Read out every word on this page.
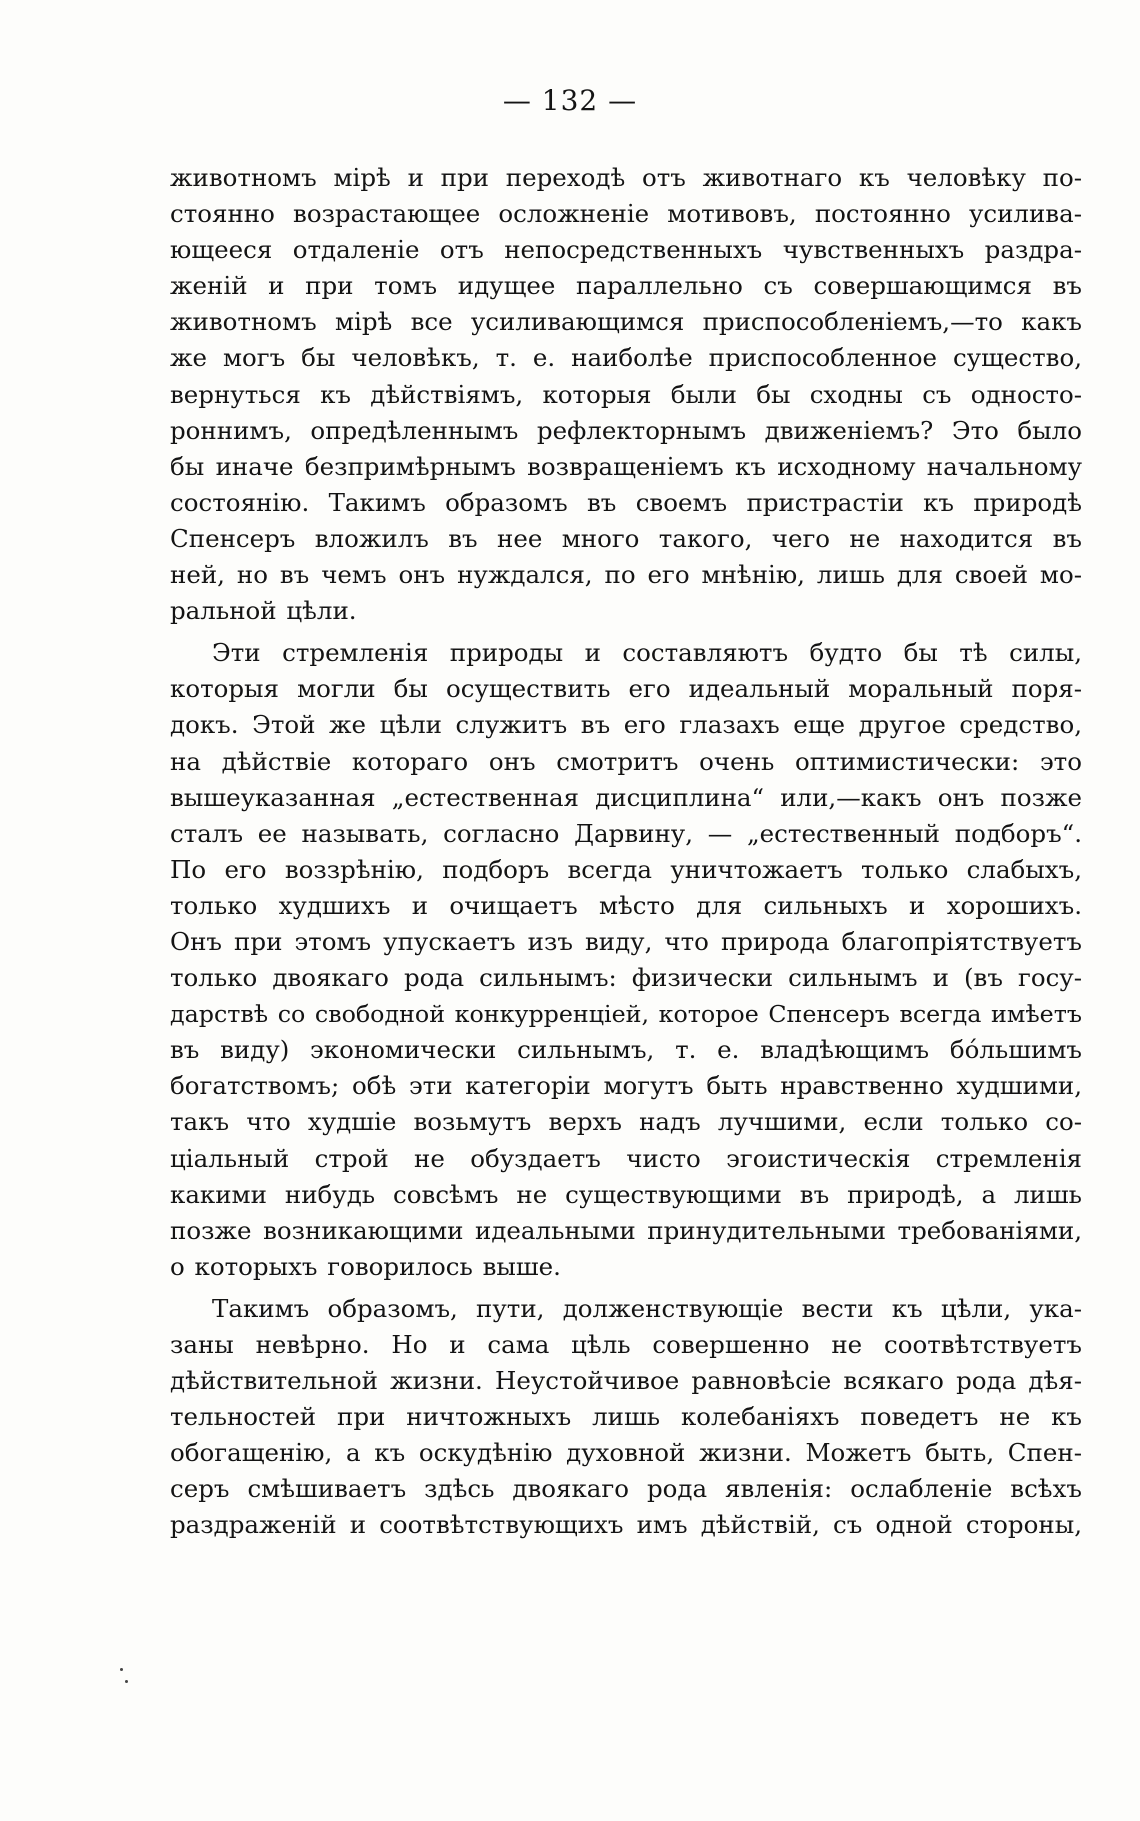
— 132 —
животномъ мірѣ и при переходѣ отъ животнаго къ человѣку по-
стоянно возрастающее осложненіе мотивовъ, постоянно усилива-
ющееся отдаленіе отъ непосредственныхъ чувственныхъ раздра-
женій и при томъ идущее параллельно съ совершающимся въ
животномъ мірѣ все усиливающимся приспособленіемъ,—то какъ
же могъ бы человѣкъ, т. е. наиболѣе приспособленное существо,
вернуться къ дѣйствіямъ, которыя были бы сходны съ односто-
роннимъ, опредѣленнымъ рефлекторнымъ движеніемъ? Это было
бы иначе безпримѣрнымъ возвращеніемъ къ исходному начальному
состоянію. Такимъ образомъ въ своемъ пристрастіи къ природѣ
Спенсеръ вложилъ въ нее много такого, чего не находится въ
ней, но въ чемъ онъ нуждался, по его мнѣнію, лишь для своей мо-
ральной цѣли.
Эти стремленія природы и составляютъ будто бы тѣ силы,
которыя могли бы осуществить его идеальный моральный поря-
докъ. Этой же цѣли служитъ въ его глазахъ еще другое средство,
на дѣйствіе котораго онъ смотритъ очень оптимистически: это
вышеуказанная „естественная дисциплина“ или,—какъ онъ позже
сталъ ее называть, согласно Дарвину, — „естественный подборъ“.
По его воззрѣнію, подборъ всегда уничтожаетъ только слабыхъ,
только худшихъ и очищаетъ мѣсто для сильныхъ и хорошихъ.
Онъ при этомъ упускаетъ изъ виду, что природа благопріятствуетъ
только двоякаго рода сильнымъ: физически сильнымъ и (въ госу-
дарствѣ со свободной конкурренціей, которое Спенсеръ всегда имѣетъ
въ виду) экономически сильнымъ, т. е. владѣющимъ бóльшимъ
богатствомъ; обѣ эти категоріи могутъ быть нравственно худшими,
такъ что худшіе возьмутъ верхъ надъ лучшими, если только со-
ціальный строй не обуздаетъ чисто эгоистическія стремленія
какими нибудь совсѣмъ не существующими въ природѣ, а лишь
позже возникающими идеальными принудительными требованіями,
о которыхъ говорилось выше.
Такимъ образомъ, пути, долженствующіе вести къ цѣли, ука-
заны невѣрно. Но и сама цѣль совершенно не соотвѣтствуетъ
дѣйствительной жизни. Неустойчивое равновѣсіе всякаго рода дѣя-
тельностей при ничтожныхъ лишь колебаніяхъ поведетъ не къ
обогащенію, а къ оскудѣнію духовной жизни. Можетъ быть, Спен-
серъ смѣшиваетъ здѣсь двоякаго рода явленія: ослабленіе всѣхъ
раздраженій и соотвѣтствующихъ имъ дѣйствій, съ одной стороны,
